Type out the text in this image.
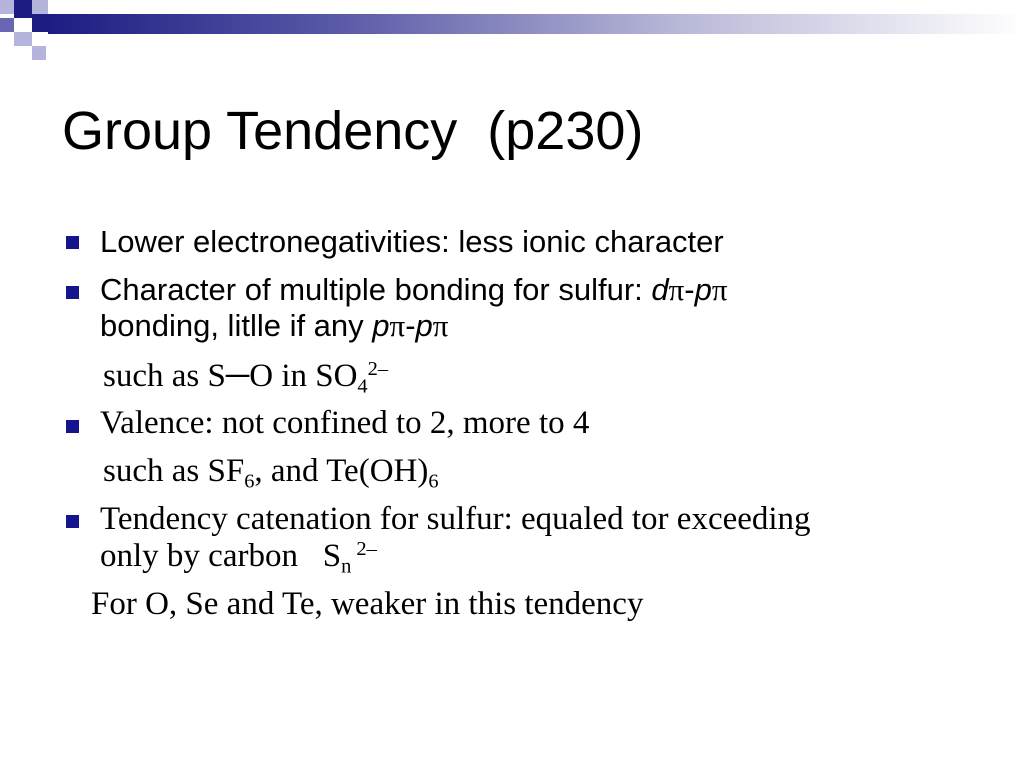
Group Tendency  (p230)
Lower electronegativities: less ionic character
Character of multiple bonding for sulfur: dπ-pπ
bonding, litlle if any pπ-pπ
such as S─O in $SO_4^{2-}$
Valence: not confined to 2, more to 4
such as $SF_6$, and $Te(OH)_6$
Tendency catenation for sulfur: equaled tor exceeding
only by carbon   $S_n$ $^{2-}$
For O, Se and Te, weaker in this tendency
